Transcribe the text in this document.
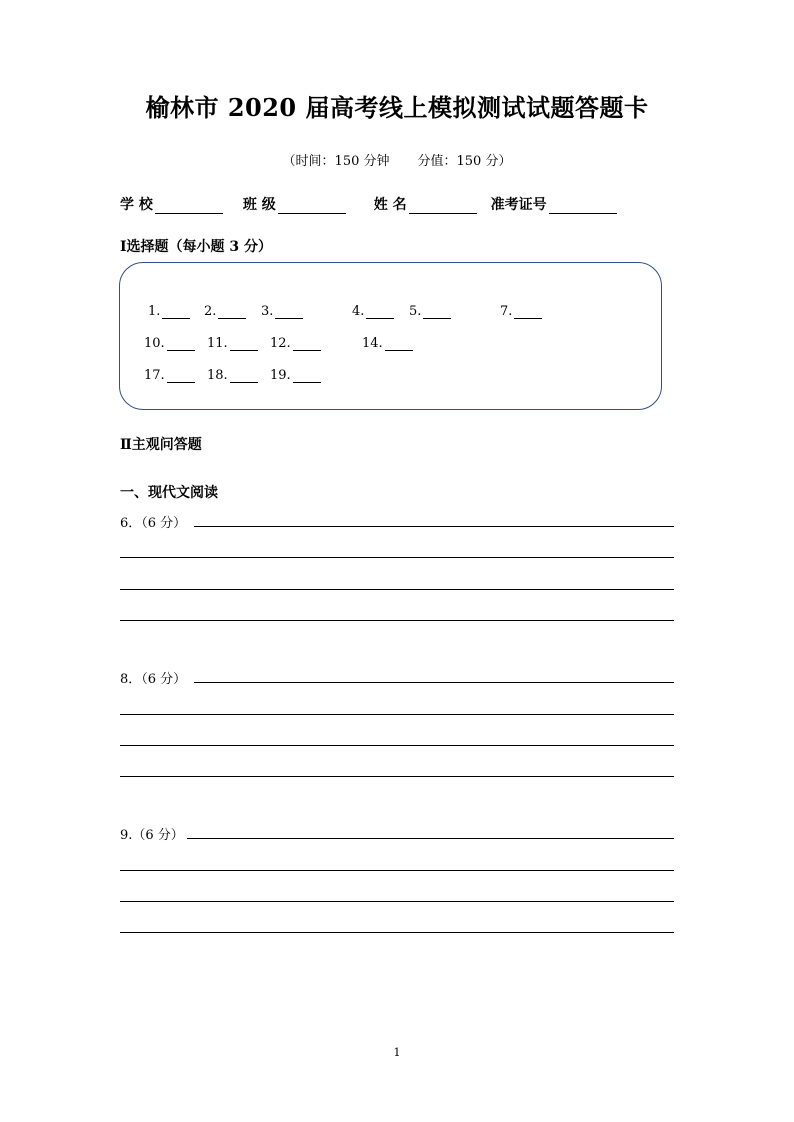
榆林市 2020 届高考线上模拟测试试题答题卡
（时间：150 分钟 分值：150 分）
学 校	班 级	姓 名	准考证号
Ⅰ选择题（每小题 3 分）
1.	2.	3.	4.	5.	7.
10.	11.	12.	14.
17.	18.	19.
Ⅱ主观问答题
一、现代文阅读
6．（6 分）
8．（6 分）
9.（6 分）
1
